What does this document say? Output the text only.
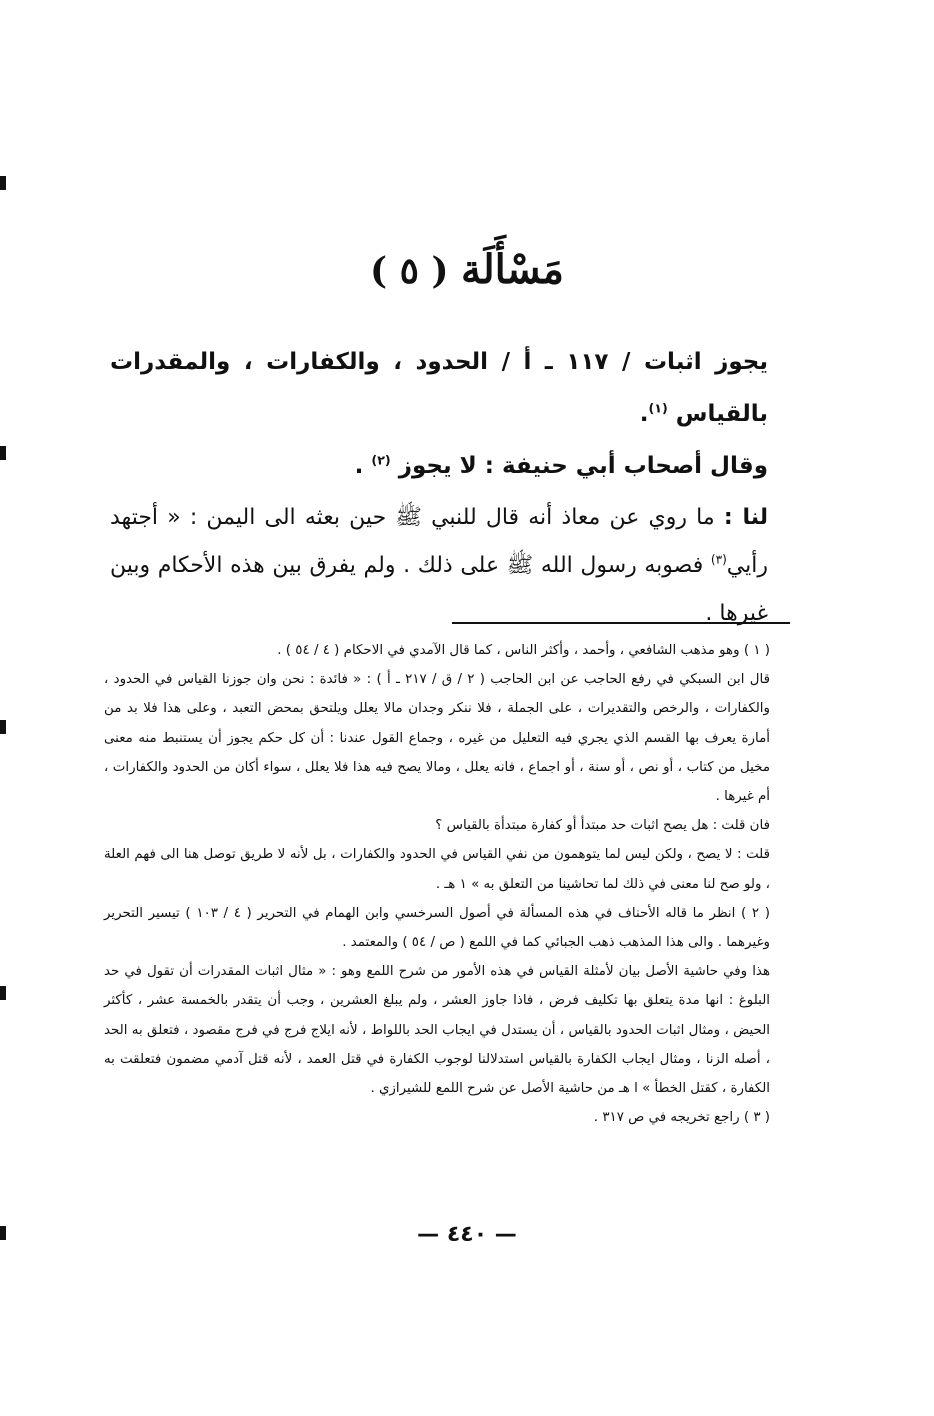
مَسْأَلَة ( ٥ )

يجوز اثبات / ١١٧ ـ أ / الحدود ، والكفارات ، والمقدرات بالقياس $^{(١)}$.

وقال أصحاب أبي حنيفة : لا يجوز $^{(٢)}$ .

لنا : ما روي عن معاذ أنه قال للنبي ﷺ حين بعثه الى اليمن : « أجتهد رأيي$^{(٣)}$ فصوبه رسول الله ﷺ على ذلك . ولم يفرق بين هذه الأحكام وبين غيرها .

( ١ ) وهو مذهب الشافعي ، وأحمد ، وأكثر الناس ، كما قال الآمدي في الاحكام ( ٤ / ٥٤ ) .

قال ابن السبكي في رفع الحاجب عن ابن الحاجب ( ٢ / ق / ٢١٧ ـ أ ) : « فائدة : نحن وان جوزنا القياس في الحدود ، والكفارات ، والرخص والتقديرات ، على الجملة ، فلا ننكر وجدان مالا يعلل ويلتحق بمحض التعبد ، وعلى هذا فلا بد من أمارة يعرف بها القسم الذي يجري فيه التعليل من غيره ، وجماع القول عندنا : أن كل حكم يجوز أن يستنبط منه معنى مخيل من كتاب ، أو نص ، أو سنة ، أو اجماع ، فانه يعلل ، ومالا يصح فيه هذا فلا يعلل ، سواء أكان من الحدود والكفارات ، أم غيرها .

فان قلت : هل يصح اثبات حد مبتدأ أو كفارة مبتدأة بالقياس ؟

قلت : لا يصح ، ولكن ليس لما يتوهمون من نفي القياس في الحدود والكفارات ، بل لأنه لا طريق توصل هنا الى فهم العلة ، ولو صح لنا معنى في ذلك لما تحاشينا من التعلق به » ١ هـ .

( ٢ ) انظر ما قاله الأحناف في هذه المسألة في أصول السرخسي وابن الهمام في التحرير ( ٤ / ١٠٣ ) تيسير التحرير وغيرهما . والى هذا المذهب ذهب الجبائي كما في اللمع ( ص / ٥٤ ) والمعتمد .

هذا وفي حاشية الأصل بيان لأمثلة القياس في هذه الأمور من شرح اللمع وهو : « مثال اثبات المقدرات أن تقول في حد البلوغ : انها مدة يتعلق بها تكليف فرض ، فاذا جاوز العشر ، ولم يبلغ العشرين ، وجب أن يتقدر بالخمسة عشر ، كأكثر الحيض ، ومثال اثبات الحدود بالقياس ، أن يستدل في ايجاب الحد باللواط ، لأنه ايلاج فرج في فرج مقصود ، فتعلق به الحد ، أصله الزنا ، ومثال ايجاب الكفارة بالقياس استدلالنا لوجوب الكفارة في قتل العمد ، لأنه قتل آدمي مضمون فتعلقت به الكفارة ، كقتل الخطأ » ا هـ من حاشية الأصل عن شرح اللمع للشيرازي .

( ٣ ) راجع تخريجه في ص ٣١٧ .

— ٤٤٠ —
